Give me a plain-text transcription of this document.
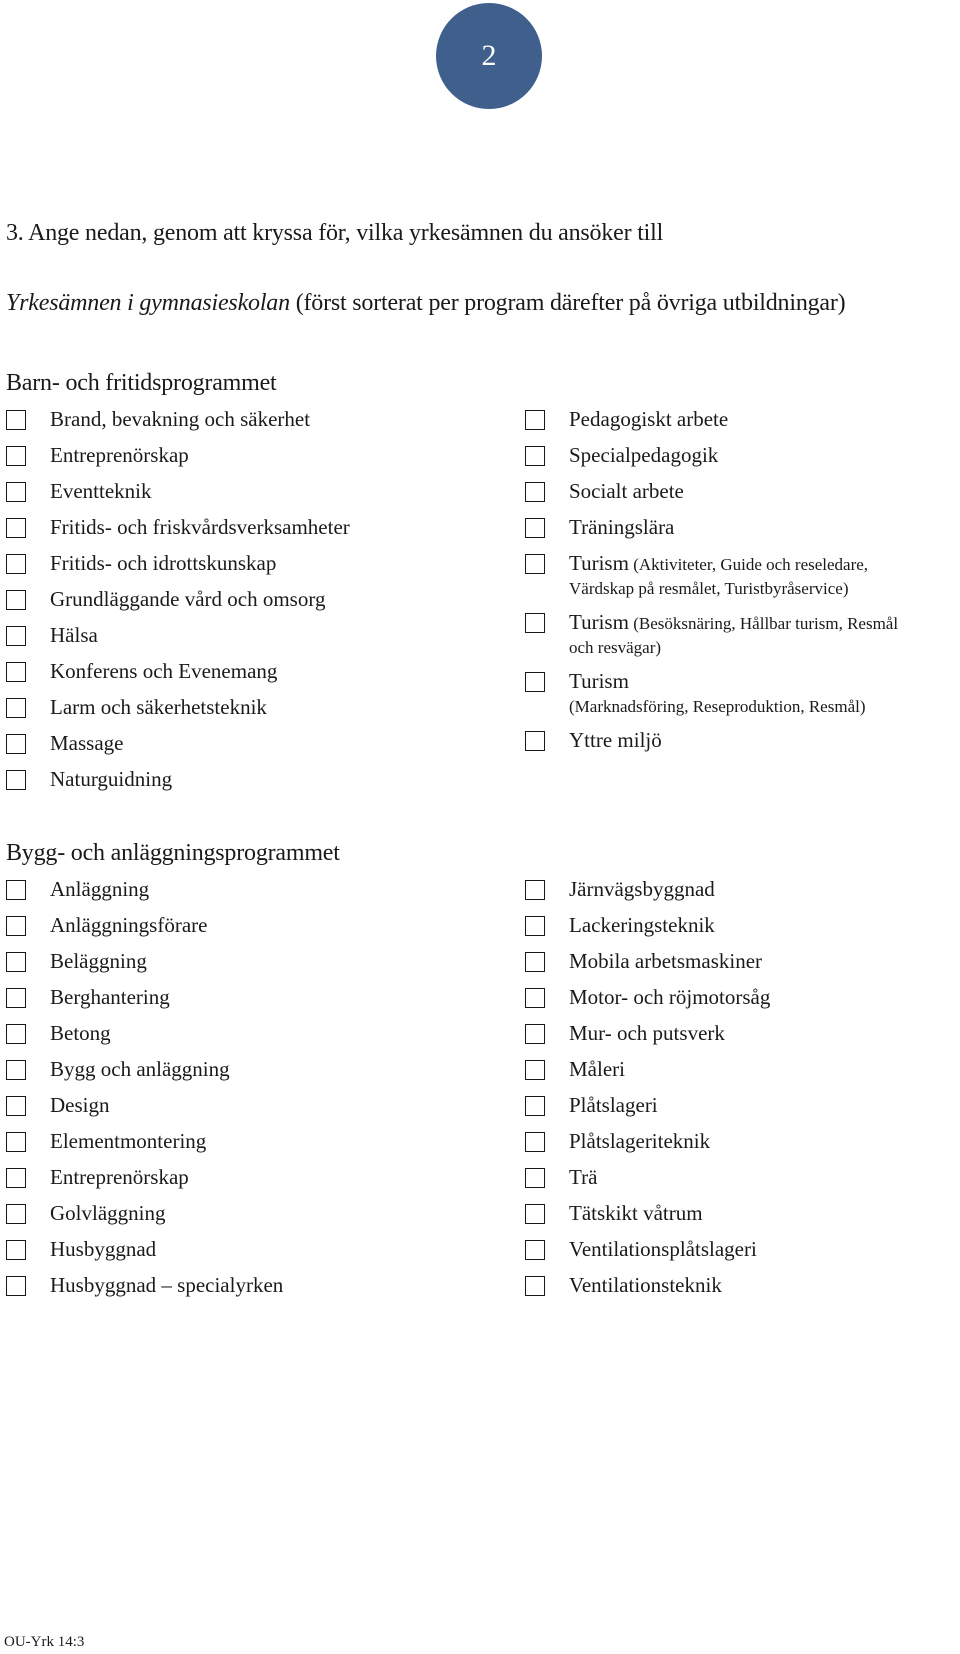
2
3. Ange nedan, genom att kryssa för, vilka yrkesämnen du ansöker till
Yrkesämnen i gymnasieskolan (först sorterat per program därefter på övriga utbildningar)
Barn- och fritidsprogrammet
Brand, bevakning och säkerhet
Entreprenörskap
Eventteknik
Fritids- och friskvårdsverksamheter
Fritids- och idrottskunskap
Grundläggande vård och omsorg
Hälsa
Konferens och Evenemang
Larm och säkerhetsteknik
Massage
Naturguidning
Pedagogiskt arbete
Specialpedagogik
Socialt arbete
Träningslära
Turism (Aktiviteter, Guide och reseledare,
Värdskap på resmålet, Turistbyråservice)
Turism (Besöksnäring, Hållbar turism, Resmål
och resvägar)
Turism
(Marknadsföring, Reseproduktion, Resmål)
Yttre miljö
Bygg- och anläggningsprogrammet
Anläggning
Anläggningsförare
Beläggning
Berghantering
Betong
Bygg och anläggning
Design
Elementmontering
Entreprenörskap
Golvläggning
Husbyggnad
Husbyggnad – specialyrken
Järnvägsbyggnad
Lackeringsteknik
Mobila arbetsmaskiner
Motor- och röjmotorsåg
Mur- och putsverk
Måleri
Plåtslageri
Plåtslageriteknik
Trä
Tätskikt våtrum
Ventilationsplåtslageri
Ventilationsteknik
OU-Yrk 14:3
